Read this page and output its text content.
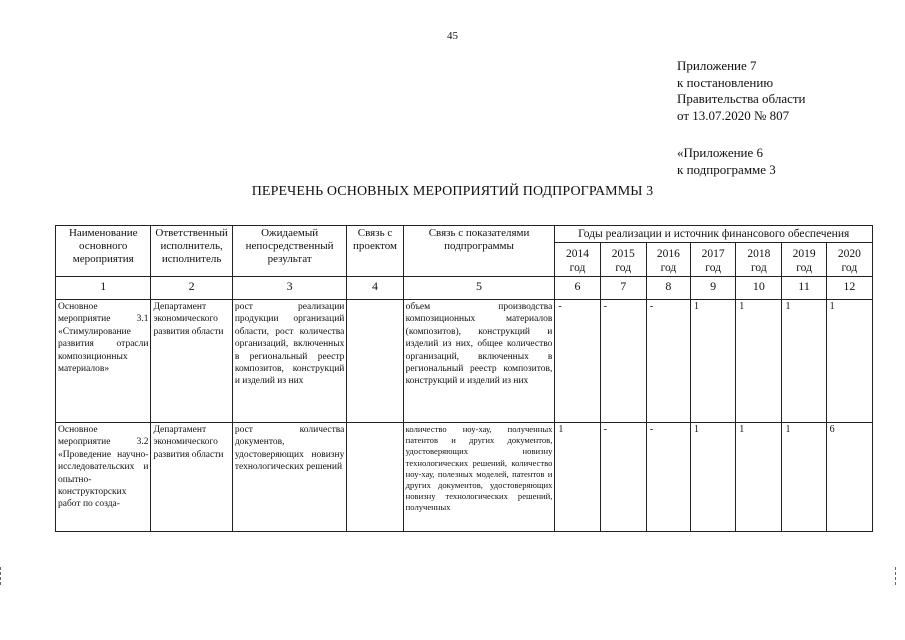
45
Приложение 7
к постановлению
Правительства области
от 13.07.2020 № 807
«Приложение 6
к подпрограмме 3
ПЕРЕЧЕНЬ ОСНОВНЫХ МЕРОПРИЯТИЙ ПОДПРОГРАММЫ 3
Наименование основного мероприятия	Ответственный исполнитель, исполнитель	Ожидаемый непосредственный результат	Связь с проектом	Связь с показателями подпрограммы	Годы реализации и источник финансового обеспечения						
					2014 год	2015 год	2016 год	2017 год	2018 год	2019 год	2020 год
1	2	3	4	5	6	7	8	9	10	11	12
Основное мероприятие 3.1 «Стимулирование развития отрасли композиционных материалов»	Департамент экономического развития области	рост реализации продукции организаций области, рост количества организаций, включенных в региональный реестр композитов, конструкций и изделий из них		объем производства композиционных материалов (композитов), конструкций и изделий из них, общее количество организаций, включенных в региональный реестр композитов, конструкций и изделий из них	-	-	-	1	1	1	1
Основное мероприятие 3.2 «Проведение научно-исследовательских и опытно-конструкторских работ по созда-	Департамент экономического развития области	рост количества документов, удостоверяющих новизну технологических решений		количество ноу-хау, полученных патентов и других документов, удостоверяющих новизну технологических решений, количество ноу-хау, полезных моделей, патентов и других документов, удостоверяющих новизну технологических решений, полученных	1	-	-	1	1	1	6
